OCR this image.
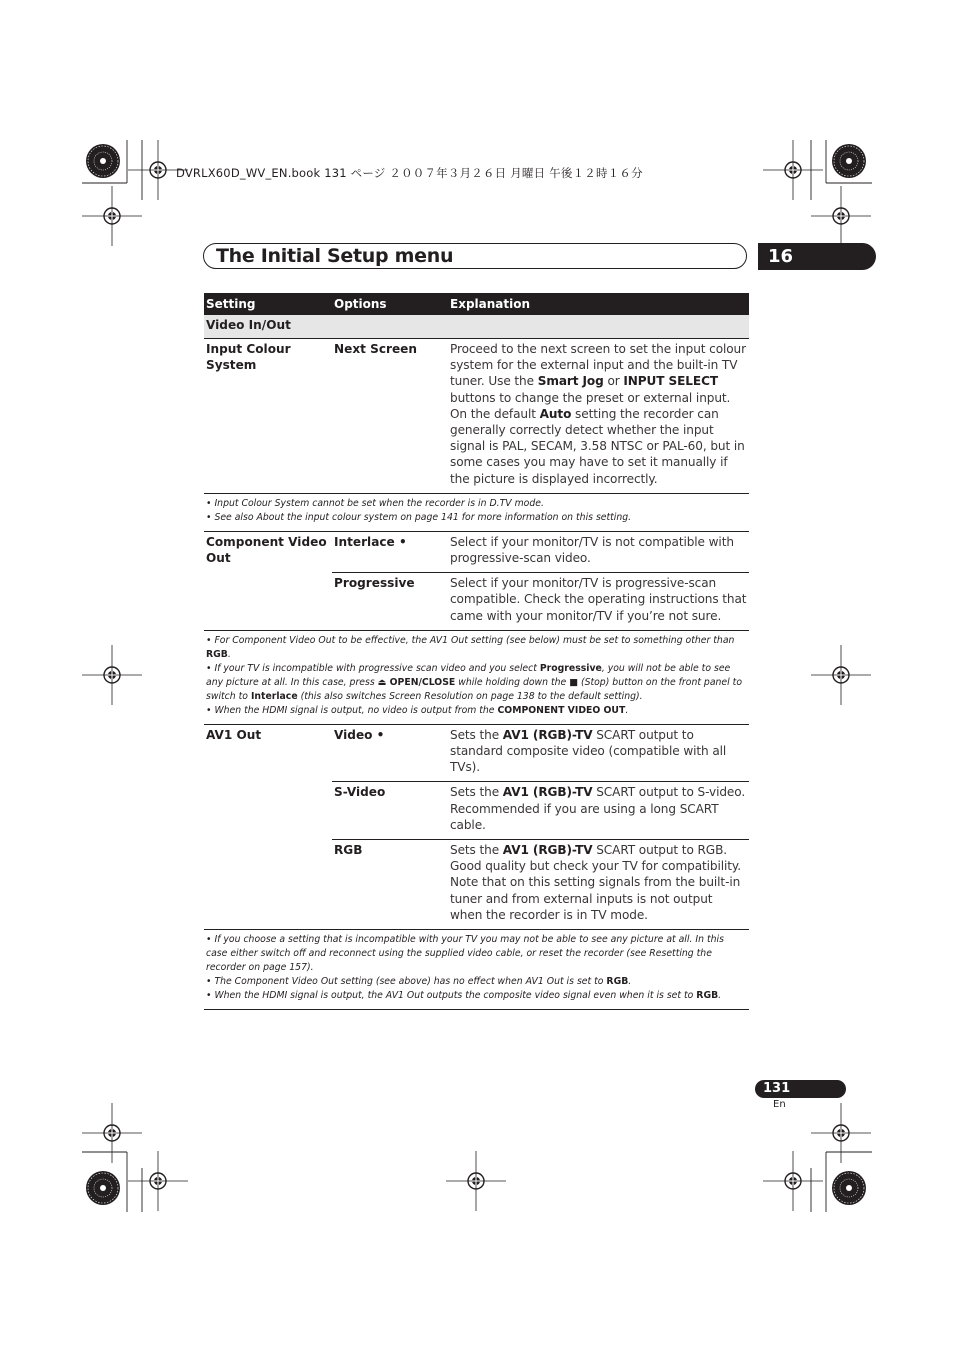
DVRLX60D_WV_EN.book 131 ページ ２００７年３月２６日 月曜日 午後１２時１６分
The Initial Setup menu	16
Setting	Options	Explanation
Video In/Out		
Input Colour System	Next Screen	Proceed to the next screen to set the input colour system for the external input and the built-in TV tuner. Use the Smart Jog or INPUT SELECT buttons to change the preset or external input. On the default Auto setting the recorder can generally correctly detect whether the input signal is PAL, SECAM, 3.58 NTSC or PAL-60, but in some cases you may have to set it manually if the picture is displayed incorrectly.

• Input Colour System cannot be set when the recorder is in D.TV mode.
• See also About the input colour system on page 141 for more information on this setting.		

Component Video Out	Interlace •	Select if your monitor/TV is not compatible with progressive-scan video.
	Progressive	Select if your monitor/TV is progressive-scan compatible. Check the operating instructions that came with your monitor/TV if you’re not sure.

• For Component Video Out to be effective, the AV1 Out setting (see below) must be set to something other than RGB.
• If your TV is incompatible with progressive scan video and you select Progressive, you will not be able to see any picture at all. In this case, press ⏏ OPEN/CLOSE while holding down the ■ (Stop) button on the front panel to switch to Interlace (this also switches Screen Resolution on page 138 to the default setting).
• When the HDMI signal is output, no video is output from the COMPONENT VIDEO OUT.		

AV1 Out	Video •	Sets the AV1 (RGB)-TV SCART output to standard composite video (compatible with all TVs).
	S-Video	Sets the AV1 (RGB)-TV SCART output to S-video. Recommended if you are using a long SCART cable.
	RGB	Sets the AV1 (RGB)-TV SCART output to RGB. Good quality but check your TV for compatibility. Note that on this setting signals from the built-in tuner and from external inputs is not output when the recorder is in TV mode.

• If you choose a setting that is incompatible with your TV you may not be able to see any picture at all. In this case either switch off and reconnect using the supplied video cable, or reset the recorder (see Resetting the recorder on page 157).
• The Component Video Out setting (see above) has no effect when AV1 Out is set to RGB.
• When the HDMI signal is output, the AV1 Out outputs the composite video signal even when it is set to RGB.		
131
En
